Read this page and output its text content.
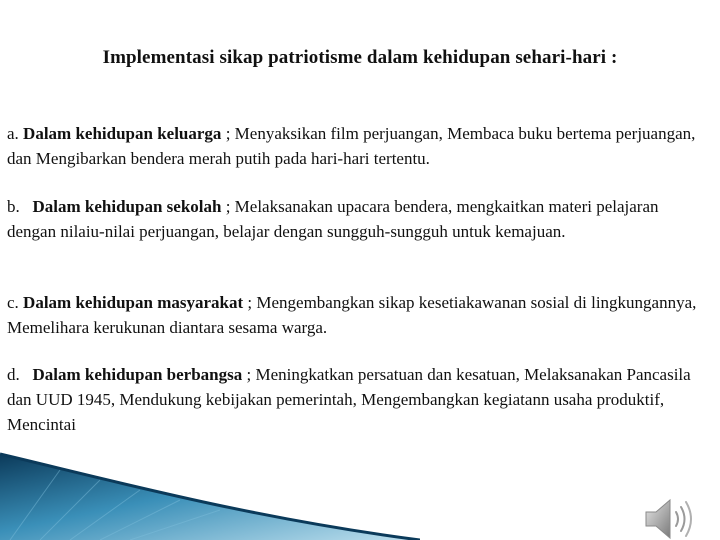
Implementasi sikap patriotisme dalam kehidupan sehari-hari :

a. Dalam kehidupan keluarga ; Menyaksikan film perjuangan, Membaca buku bertema perjuangan, dan Mengibarkan bendera merah putih pada hari-hari tertentu.

b.   Dalam kehidupan sekolah ; Melaksanakan upacara bendera, mengkaitkan materi pelajaran dengan nilaiu-nilai perjuangan, belajar dengan sungguh-sungguh untuk kemajuan.

c. Dalam kehidupan masyarakat ; Mengembangkan sikap kesetiakawanan sosial di lingkungannya, Memelihara kerukunan diantara sesama warga.

d.   Dalam kehidupan berbangsa ; Meningkatkan persatuan dan kesatuan, Melaksanakan Pancasila dan UUD 1945, Mendukung kebijakan pemerintah, Mengembangkan kegiatann usaha produktif, Mencintai
